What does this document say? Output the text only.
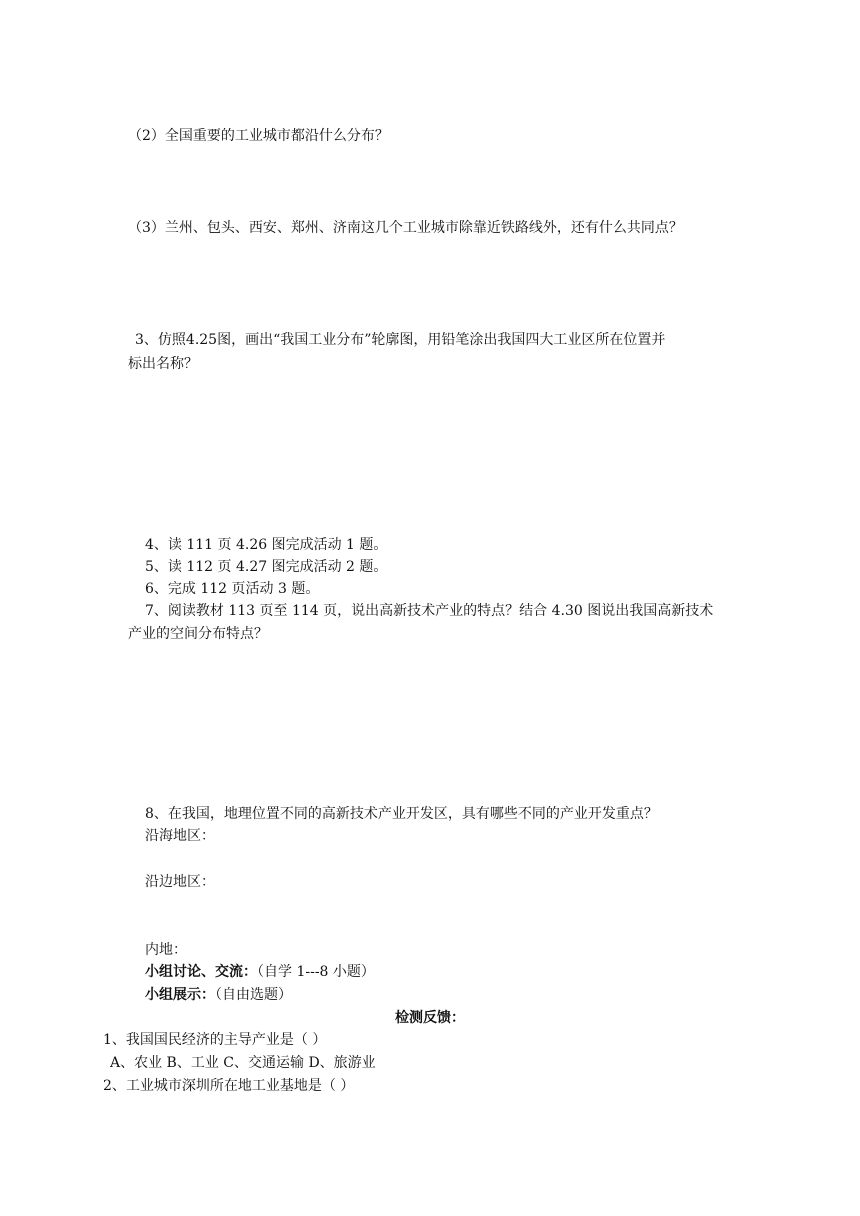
（2）全国重要的工业城市都沿什么分布？
（3）兰州、包头、西安、郑州、济南这几个工业城市除靠近铁路线外，还有什么共同点？
3、仿照4.25图，画出“我国工业分布”轮廓图，用铅笔涂出我国四大工业区所在位置并
标出名称？
4、读 111 页 4.26 图完成活动 1 题。
5、读 112 页 4.27 图完成活动 2 题。
6、完成 112 页活动 3 题。
7、阅读教材 113 页至 114 页，说出高新技术产业的特点？结合 4.30 图说出我国高新技术
产业的空间分布特点？
8、在我国，地理位置不同的高新技术产业开发区，具有哪些不同的产业开发重点？
沿海地区：
沿边地区：
内地：
小组讨论、交流：（自学 1---8 小题）
小组展示：（自由选题）
检测反馈：
1、我国国民经济的主导产业是（ ）
A、农业 B、工业 C、交通运输 D、旅游业
2、工业城市深圳所在地工业基地是（ ）
